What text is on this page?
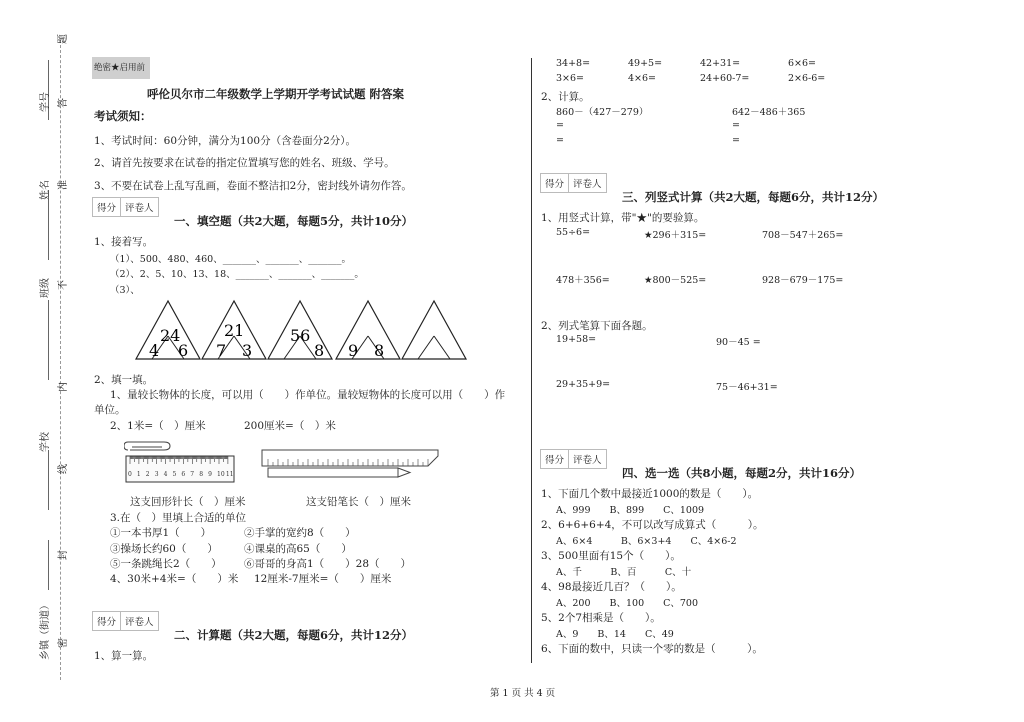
题
学号 答
姓名 准
班级 不
内
学校
线
封
乡镇（街道） 密
绝密★启用前
呼伦贝尔市二年级数学上学期开学考试试题 附答案
考试须知：
1、考试时间：60分钟，满分为100分（含卷面分2分）。
2、请首先按要求在试卷的指定位置填写您的姓名、班级、学号。
3、不要在试卷上乱写乱画，卷面不整洁扣2分，密封线外请勿作答。
得分 评卷人
一、填空题（共2大题，每题5分，共计10分）
1、接着写。
（1）、500、480、460、_______、_______、_______。
（2）、2、5、10、13、18、_______、_______、_______。
（3）、
24
4 6
21
7 3
56
8 9 8
2、填一填。
1、量较长物体的长度，可以用（　　）作单位。量较短物体的长度可以用（　　）作
单位。
2、1米=（　）厘米	200厘米=（　）米
0 1 2 3 4 5 6 7 8 9 10 11
这支回形针长（　）厘米	这支铅笔长（　）厘米
3.在（　）里填上合适的单位
①一本书厚1（　　）	②手掌的宽约8（　　）
③操场长约60（　　） ④课桌的高65（　　）
⑤一条跳绳长2（　　） ⑥哥哥的身高1（　　）28（　　）
4、30米+4米=（　　）米 12厘米-7厘米=（　　）厘米
得分 评卷人
二、计算题（共2大题，每题6分，共计12分）
1、算一算。
34+8=	49+5=	42+31=	6×6=
3×6=	4×6=	24+60-7=	2×6-6=
2、计算。
860－（427－279）	642－486＋365
=	=
=	=
得分 评卷人
三、列竖式计算（共2大题，每题6分，共计12分）
1、用竖式计算，带"★"的要验算。
55÷6=	★296＋315=	708－547＋265=
478＋356=	★800－525=	928－679－175=
2、列式笔算下面各题。
19+58=	90－45 =
29+35+9=	75－46+31=
得分 评卷人
四、选一选（共8小题，每题2分，共计16分）
1、下面几个数中最接近1000的数是（　　）。
A、999　　B、899　　C、1009
2、6+6+6+4，不可以改写成算式（　　　）。
A、6×4　　　B、6×3+4　　C、4×6-2
3、500里面有15个（　　）。
A、千　　　B、百　　　C、十
4、98最接近几百？（　　）。
A、200　　B、100　　C、700
5、2个7相乘是（　　）。
A、9　　B、14　　C、49
6、下面的数中，只读一个零的数是（　　　）。
第 1 页 共 4 页
